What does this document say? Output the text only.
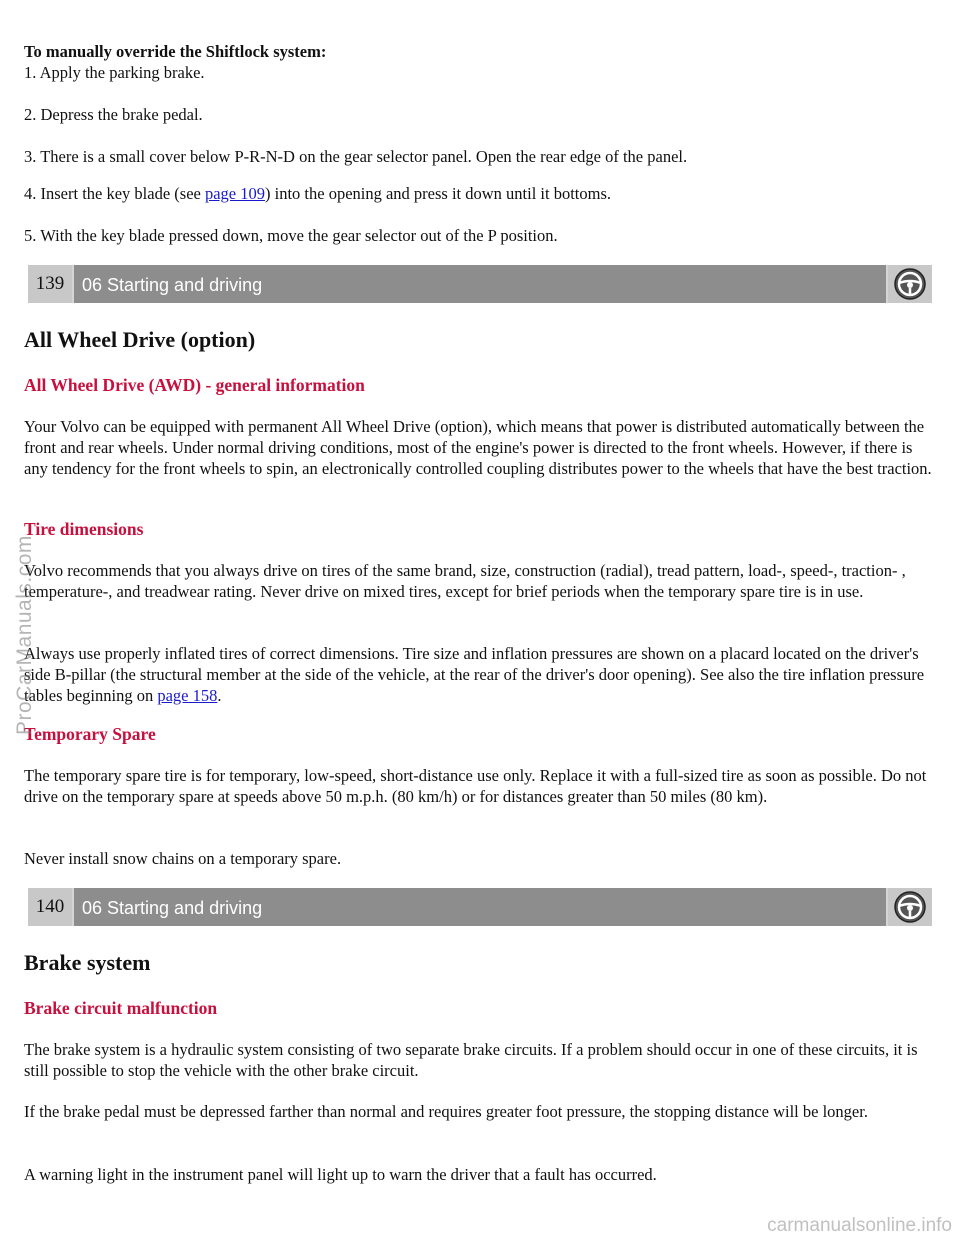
To manually override the Shiftlock system:

1. Apply the parking brake.

2. Depress the brake pedal.

3. There is a small cover below P-R-N-D on the gear selector panel. Open the rear edge of the panel.

4. Insert the key blade (see page 109) into the opening and press it down until it bottoms.

5. With the key blade pressed down, move the gear selector out of the P position.

139 06 Starting and driving
All Wheel Drive (option)
All Wheel Drive (AWD) - general information

Your Volvo can be equipped with permanent All Wheel Drive (option), which means that power is distributed automatically between the front and rear wheels. Under normal driving conditions, most of the engine's power is directed to the front wheels. However, if there is any tendency for the front wheels to spin, an electronically controlled coupling distributes power to the wheels that have the best traction.

Tire dimensions

Volvo recommends that you always drive on tires of the same brand, size, construction (radial), tread pattern, load-, speed-, traction- , temperature-, and treadwear rating. Never drive on mixed tires, except for brief periods when the temporary spare tire is in use.

Always use properly inflated tires of correct dimensions. Tire size and inflation pressures are shown on a placard located on the driver's side B-pillar (the structural member at the side of the vehicle, at the rear of the driver's door opening). See also the tire inflation pressure tables beginning on page 158.

Temporary Spare

The temporary spare tire is for temporary, low-speed, short-distance use only. Replace it with a full-sized tire as soon as possible. Do not drive on the temporary spare at speeds above 50 m.p.h. (80 km/h) or for distances greater than 50 miles (80 km).

Never install snow chains on a temporary spare.

140 06 Starting and driving
Brake system
Brake circuit malfunction

The brake system is a hydraulic system consisting of two separate brake circuits. If a problem should occur in one of these circuits, it is still possible to stop the vehicle with the other brake circuit.

If the brake pedal must be depressed farther than normal and requires greater foot pressure, the stopping distance will be longer.

A warning light in the instrument panel will light up to warn the driver that a fault has occurred.

ProCarManuals.com
carmanualsonline.info
